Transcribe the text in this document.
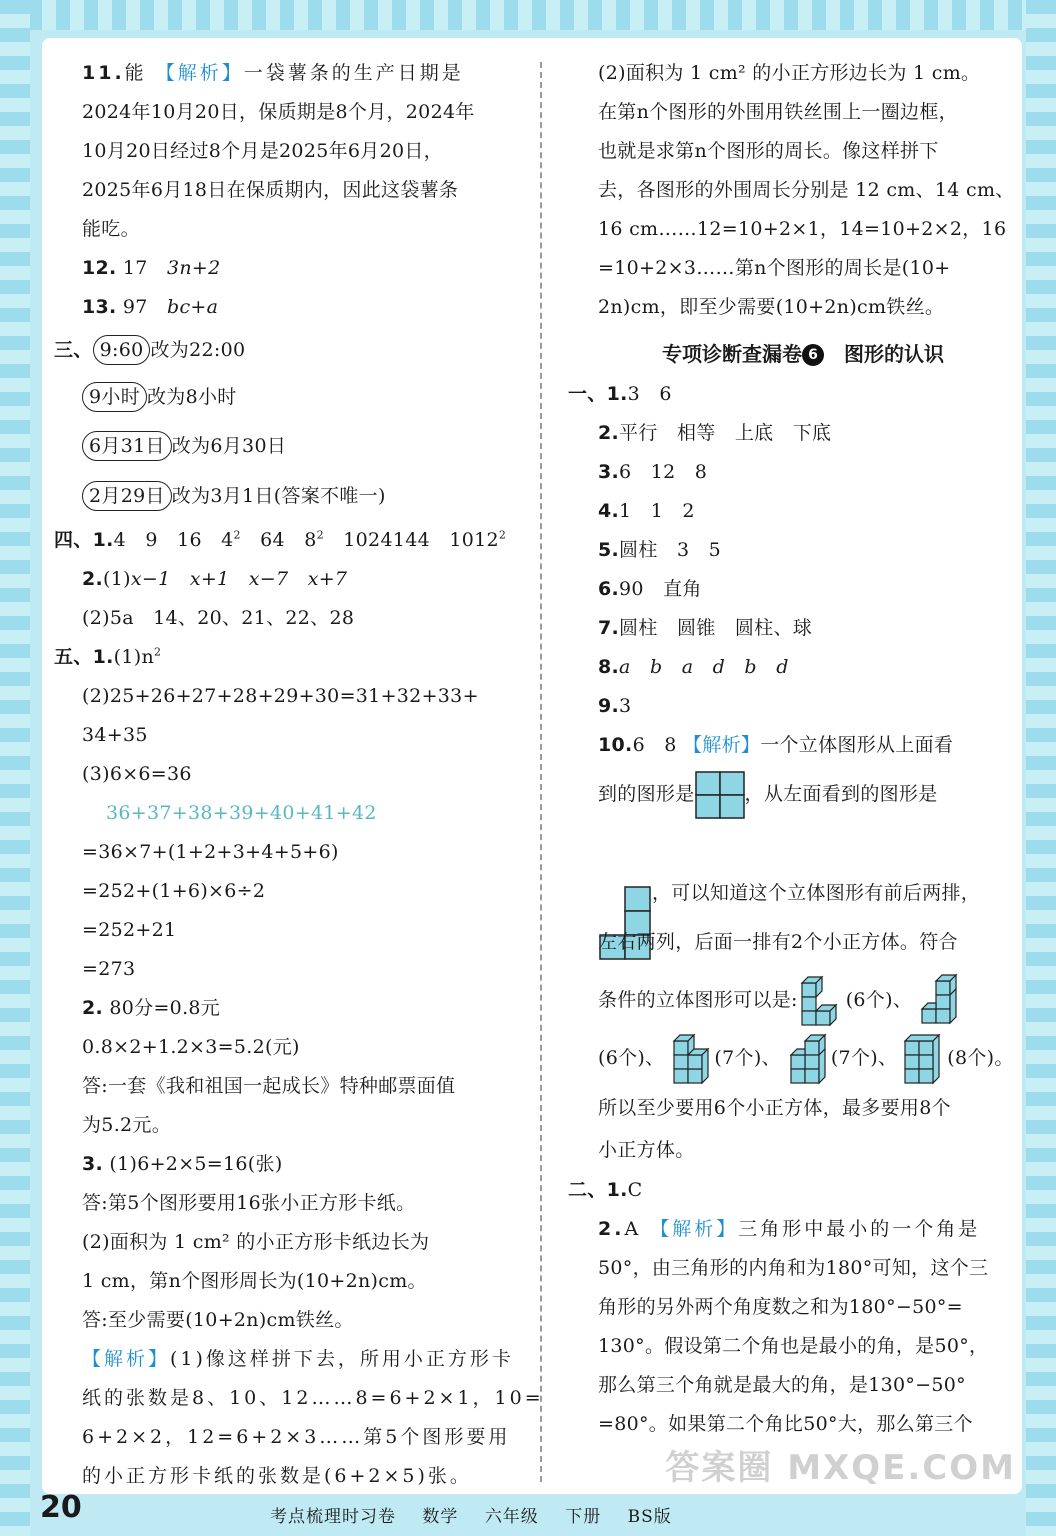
11.能 【解析】一袋薯条的生产日期是
2024年10月20日，保质期是8个月，2024年
10月20日经过8个月是2025年6月20日，
2025年6月18日在保质期内，因此这袋薯条
能吃。
12. 17　 3n+2
13. 97　 bc+a
三、 9:60 改为22:00
9小时 改为8小时
6月31日 改为6月30日
2月29日 改为3月1日(答案不唯一)
四、1.4　 9　 16　 $4^2$　 64　 $8^2$　 1024144　 1012$^2$
2.(1)x−1　 x+1　 x−7　 x+7
(2)5a　 14、20、21、22、28
五、$1.(1)n^2$
(2)25+26+27+28+29+30=31+32+33+
34+35
(3)6×6=36
36+37+38+39+40+41+42
=36×7+(1+2+3+4+5+6)
=252+(1+6)×6÷2
=252+21
=273
2. 80分=0.8元
0.8×2+1.2×3=5.2(元)
答:一套《我和祖国一起成长》特种邮票面值
为5.2元。
3. (1)6+2×5=16(张)
答:第5个图形要用16张小正方形卡纸。
(2)面积为 1 cm² 的小正方形卡纸边长为
1 cm，第n个图形周长为(10+2n)cm。
答:至少需要(10+2n)cm铁丝。
【解析】(1)像这样拼下去，所用小正方形卡
纸的张数是8、10、12……8=6+2×1，10=
6+2×2，12=6+2×3……第5个图形要用
的小正方形卡纸的张数是(6+2×5)张。
(2)面积为 1 cm² 的小正方形边长为 1 cm。
在第n个图形的外围用铁丝围上一圈边框，
也就是求第n个图形的周长。像这样拼下
去，各图形的外围周长分别是 12 cm、14 cm、
16 cm……12=10+2×1，14=10+2×2，16
=10+2×3……第n个图形的周长是(10+
2n)cm，即至少需要(10+2n)cm铁丝。
专项诊断查漏卷 6　 图形的认识
一、1.3　6
2.平行　相等　上底　下底
3.6　12　8
4.1　1　2
5.圆柱　3　5
6.90　直角
7.圆柱　圆锥　圆柱、球
8.a　b　a　d　b　d
9.3
10.6　8 【解析】一个立体图形从上面看
到的图形是	，从左面看到的图形是
，可以知道这个立体图形有前后两排，
左右两列，后面一排有2个小正方体。符合
条件的立体图形可以是:	(6个)、
(6个)、	(7个)、	(7个)、	(8个)。
所以至少要用6个小正方体，最多要用8个
小正方体。
二、1.C
2.A 【解析】三角形中最小的一个角是
50°，由三角形的内角和为180°可知，这个三
角形的另外两个角度数之和为180°−50°=
130°。假设第二个角也是最小的角，是50°，
那么第三个角就是最大的角，是130°−50°
=80°。如果第二个角比50°大，那么第三个
答案圈 MXQE.COM
20	考点梳理时习卷 数学 六年级 下册 BS版
